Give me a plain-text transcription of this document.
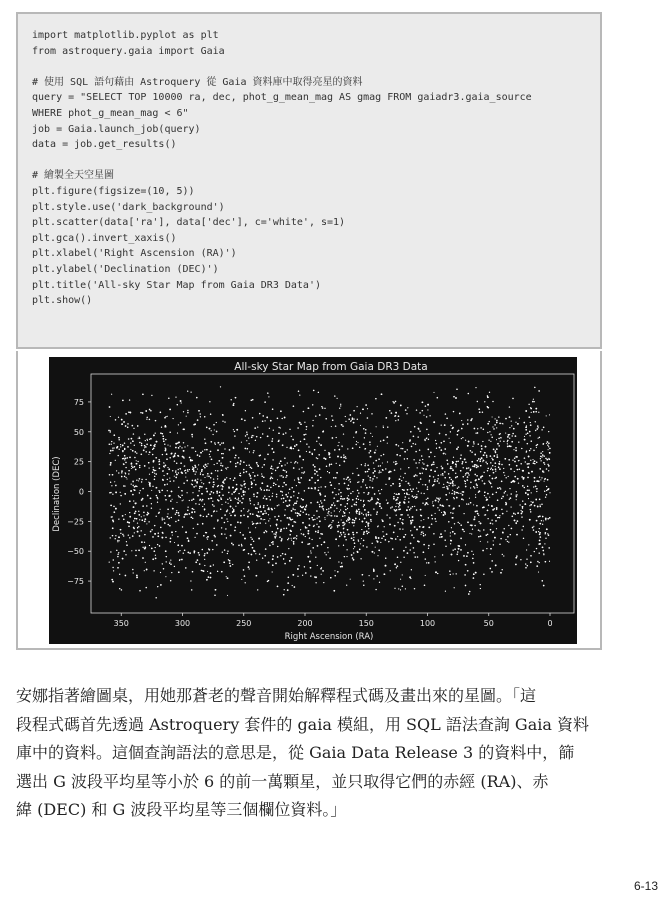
import matplotlib.pyplot as plt
from astroquery.gaia import Gaia
# 使用 SQL 語句藉由 Astroquery 從 Gaia 資料庫中取得亮星的資料
query = "SELECT TOP 10000 ra, dec, phot_g_mean_mag AS gmag FROM gaiadr3.gaia_source
WHERE phot_g_mean_mag < 6"
job = Gaia.launch_job(query)
data = job.get_results()
# 繪製全天空星圖
plt.figure(figsize=(10, 5))
plt.style.use('dark_background')
plt.scatter(data['ra'], data['dec'], c='white', s=1)
plt.gca().invert_xaxis()
plt.xlabel('Right Ascension (RA)')
plt.ylabel('Declination (DEC)')
plt.title('All-sky Star Map from Gaia DR3 Data')
plt.show()
All-sky Star Map from Gaia DR3 Data
350	300	250	200	150	100	50	0
75
50
25
0
−25
−50
−75
Right Ascension (RA)
Declination (DEC)
安娜指著繪圖桌，用她那蒼老的聲音開始解釋程式碼及畫出來的星圖。「這
段程式碼首先透過 Astroquery 套件的 gaia 模組，用 SQL 語法查詢 Gaia 資料
庫中的資料。這個查詢語法的意思是，從 Gaia Data Release 3 的資料中，篩
選出 G 波段平均星等小於 6 的前一萬顆星，並只取得它們的赤經 (RA)、赤
緯 (DEC) 和 G 波段平均星等三個欄位資料。」
6-13
